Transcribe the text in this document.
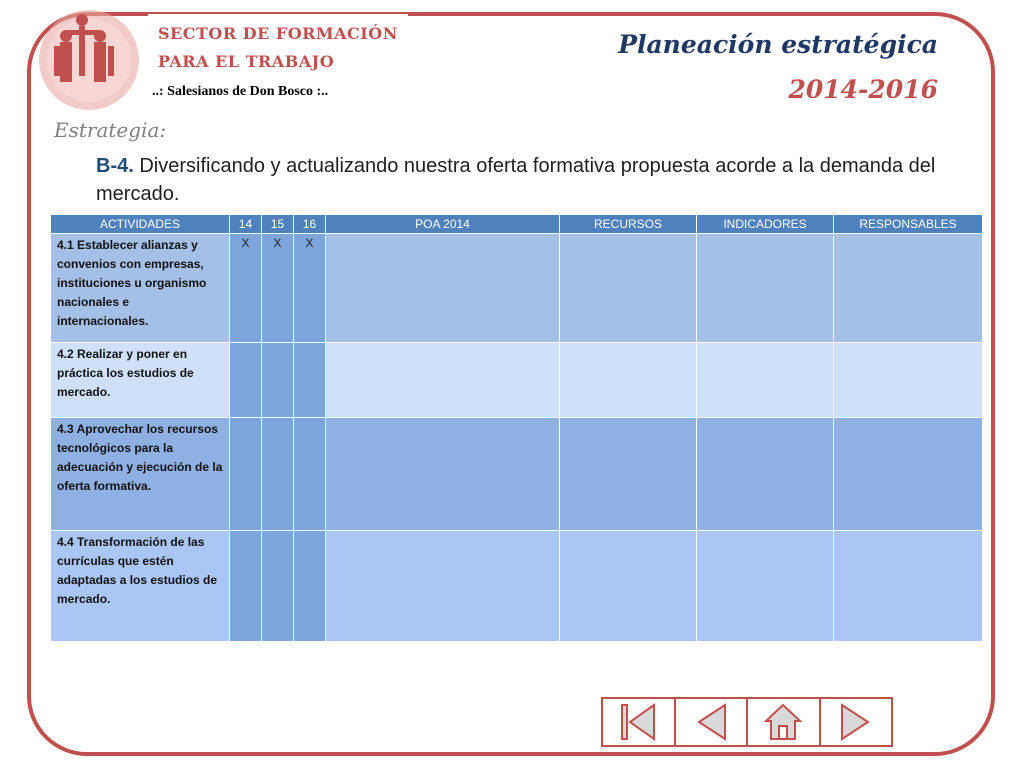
SECTOR DE FORMACIÓN
PARA EL TRABAJO
..: Salesianos de Don Bosco :..
Planeación estratégica
2014-2016
Estrategia:
B-4. Diversificando y actualizando nuestra oferta formativa propuesta acorde a la demanda del mercado.
ACTIVIDADES	14	15	16	POA 2014	RECURSOS	INDICADORES	RESPONSABLES
4.1 Establecer alianzas y convenios con empresas, instituciones u organismo nacionales e internacionales.	X	X	X				
4.2 Realizar y poner en práctica los estudios de mercado.							
4.3 Aprovechar los recursos tecnológicos para la adecuación y ejecución de la oferta formativa.							
4.4 Transformación de las currículas que estén adaptadas a los estudios de mercado.							
